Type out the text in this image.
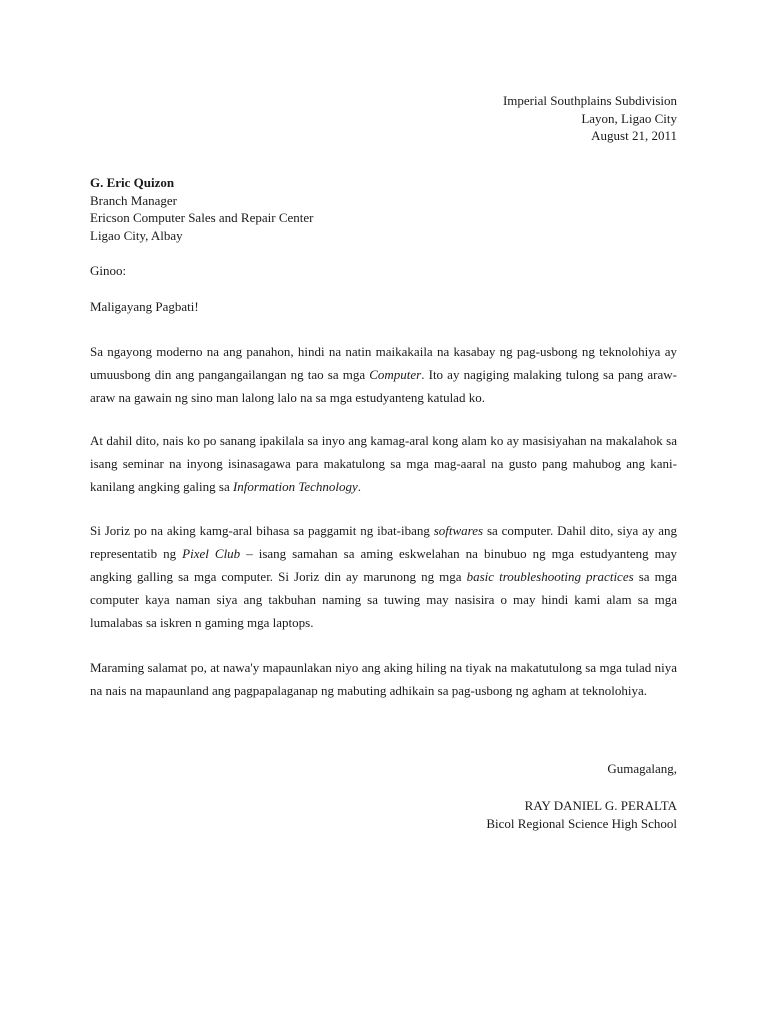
Imperial Southplains Subdivision
Layon, Ligao City
August 21, 2011
G. Eric Quizon
Branch Manager
Ericson Computer Sales and Repair Center
Ligao City, Albay
Ginoo:
Maligayang Pagbati!

Sa ngayong moderno na ang panahon, hindi na natin maikakaila na kasabay ng pag-usbong ng teknolohiya ay umuusbong din ang pangangailangan ng tao sa mga Computer. Ito ay nagiging malaking tulong sa pang araw-araw na gawain ng sino man lalong lalo na sa mga estudyanteng katulad ko.

At dahil dito, nais ko po sanang ipakilala sa inyo ang kamag-aral kong alam ko ay masisiyahan na makalahok sa isang seminar na inyong isinasagawa para makatulong sa mga mag-aaral na gusto pang mahubog ang kani-kanilang angking galing sa Information Technology.

Si Joriz po na aking kamg-aral bihasa sa paggamit ng ibat-ibang softwares sa computer. Dahil dito, siya ay ang representatib ng Pixel Club – isang samahan sa aming eskwelahan na binubuo ng mga estudyanteng may angking galling sa mga computer. Si Joriz din ay marunong ng mga basic troubleshooting practices sa mga computer kaya naman siya ang takbuhan naming sa tuwing may nasisira o may hindi kami alam sa mga lumalabas sa iskren n gaming mga laptops.

Maraming salamat po, at nawa'y mapaunlakan niyo ang aking hiling na tiyak na makatutulong sa mga tulad niya na nais na mapaunland ang pagpapalaganap ng mabuting adhikain sa pag-usbong ng agham at teknolohiya.

Gumagalang,
RAY DANIEL G. PERALTA
Bicol Regional Science High School
